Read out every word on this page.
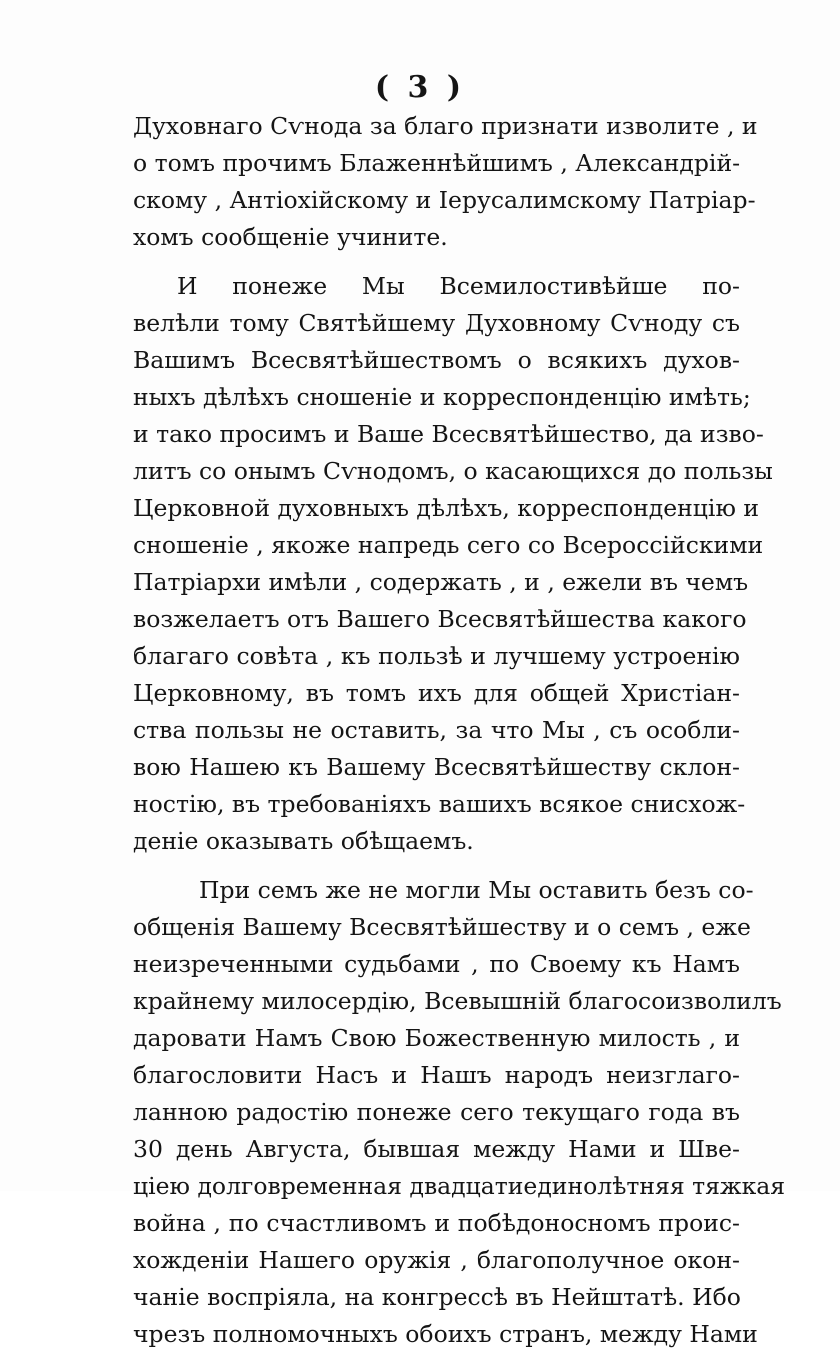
( 3 )
Духовнаго Сѵнода за благо признати изволите , и
о томъ прочимъ Блаженнѣйшимъ , Александрій-
скому , Антіохійскому и Іерусалимскому Патріар-
хомъ сообщеніе учините.
И понеже Мы Всемилостивѣйше по-
велѣли тому Святѣйшему Духовному Сѵноду съ
Вашимъ Всесвятѣйшествомъ о всякихъ духов-
ныхъ дѣлѣхъ сношеніе и корреспонденцію имѣть;
и тако просимъ и Ваше Всесвятѣйшество, да изво-
литъ со онымъ Сѵнодомъ, о касающихся до пользы
Церковной духовныхъ дѣлѣхъ, корреспонденцію и
сношеніе , якоже напредь сего со Всероссійскими
Патріархи имѣли , содержать , и , ежели въ чемъ
возжелаетъ отъ Вашего Всесвятѣйшества какого
благаго совѣта , къ пользѣ и лучшему устроенію
Церковному, въ томъ ихъ для общей Христіан-
ства пользы не оставить, за что Мы , съ особли-
вою Нашею къ Вашему Всесвятѣйшеству склон-
ностію, въ требованіяхъ вашихъ всякое снисхож-
деніе оказывать обѣщаемъ.
При семъ же не могли Мы оставить безъ со-
общенія Вашему Всесвятѣйшеству и о семъ , еже
неизреченными судьбами , по Своему къ Намъ
крайнему милосердію, Всевышній благосоизволилъ
даровати Намъ Свою Божественную милость , и
благословити Насъ и Нашъ народъ неизглаго-
ланною радостію понеже сего текущаго года въ
30 день Августа, бывшая между Нами и Шве-
ціею долговременная двадцатиединолѣтняя тяжкая
война , по счастливомъ и побѣдоносномъ проис-
хожденіи Нашего оружія , благополучное окон-
чаніе воспріяла, на конгрессѣ въ Нейштатѣ. Ибо
чрезъ полномочныхъ обоихъ странъ, между Нами
